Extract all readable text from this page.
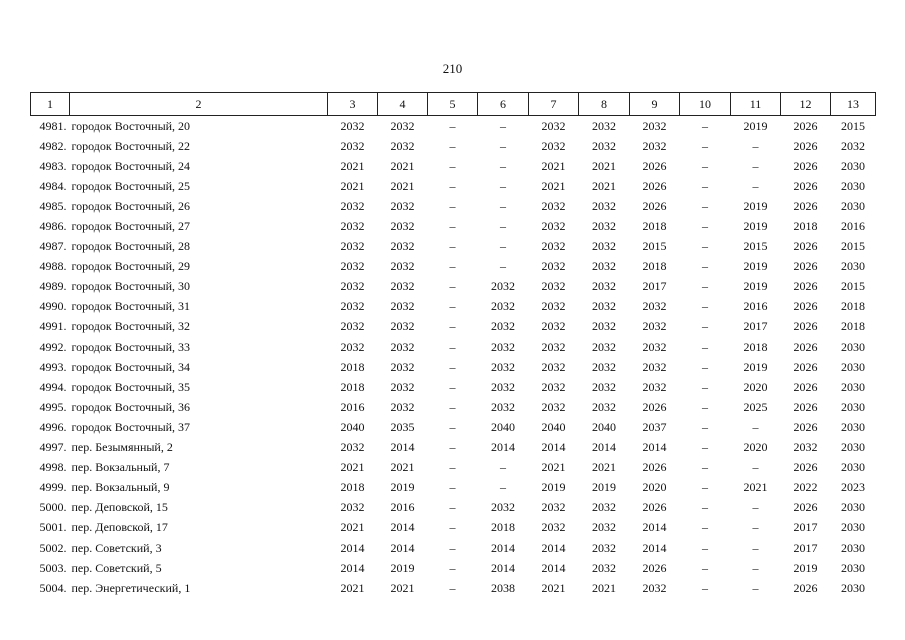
210
1	2	3	4	5	6	7	8	9	10	11	12	13
4981.	городок Восточный, 20	2032	2032	–	–	2032	2032	2032	–	2019	2026	2015
4982.	городок Восточный, 22	2032	2032	–	–	2032	2032	2032	–	–	2026	2032
4983.	городок Восточный, 24	2021	2021	–	–	2021	2021	2026	–	–	2026	2030
4984.	городок Восточный, 25	2021	2021	–	–	2021	2021	2026	–	–	2026	2030
4985.	городок Восточный, 26	2032	2032	–	–	2032	2032	2026	–	2019	2026	2030
4986.	городок Восточный, 27	2032	2032	–	–	2032	2032	2018	–	2019	2018	2016
4987.	городок Восточный, 28	2032	2032	–	–	2032	2032	2015	–	2015	2026	2015
4988.	городок Восточный, 29	2032	2032	–	–	2032	2032	2018	–	2019	2026	2030
4989.	городок Восточный, 30	2032	2032	–	2032	2032	2032	2017	–	2019	2026	2015
4990.	городок Восточный, 31	2032	2032	–	2032	2032	2032	2032	–	2016	2026	2018
4991.	городок Восточный, 32	2032	2032	–	2032	2032	2032	2032	–	2017	2026	2018
4992.	городок Восточный, 33	2032	2032	–	2032	2032	2032	2032	–	2018	2026	2030
4993.	городок Восточный, 34	2018	2032	–	2032	2032	2032	2032	–	2019	2026	2030
4994.	городок Восточный, 35	2018	2032	–	2032	2032	2032	2032	–	2020	2026	2030
4995.	городок Восточный, 36	2016	2032	–	2032	2032	2032	2026	–	2025	2026	2030
4996.	городок Восточный, 37	2040	2035	–	2040	2040	2040	2037	–	–	2026	2030
4997.	пер. Безымянный, 2	2032	2014	–	2014	2014	2014	2014	–	2020	2032	2030
4998.	пер. Вокзальный, 7	2021	2021	–	–	2021	2021	2026	–	–	2026	2030
4999.	пер. Вокзальный, 9	2018	2019	–	–	2019	2019	2020	–	2021	2022	2023
5000.	пер. Деповской, 15	2032	2016	–	2032	2032	2032	2026	–	–	2026	2030
5001.	пер. Деповской, 17	2021	2014	–	2018	2032	2032	2014	–	–	2017	2030
5002.	пер. Советский, 3	2014	2014	–	2014	2014	2032	2014	–	–	2017	2030
5003.	пер. Советский, 5	2014	2019	–	2014	2014	2032	2026	–	–	2019	2030
5004.	пер. Энергетический, 1	2021	2021	–	2038	2021	2021	2032	–	–	2026	2030
